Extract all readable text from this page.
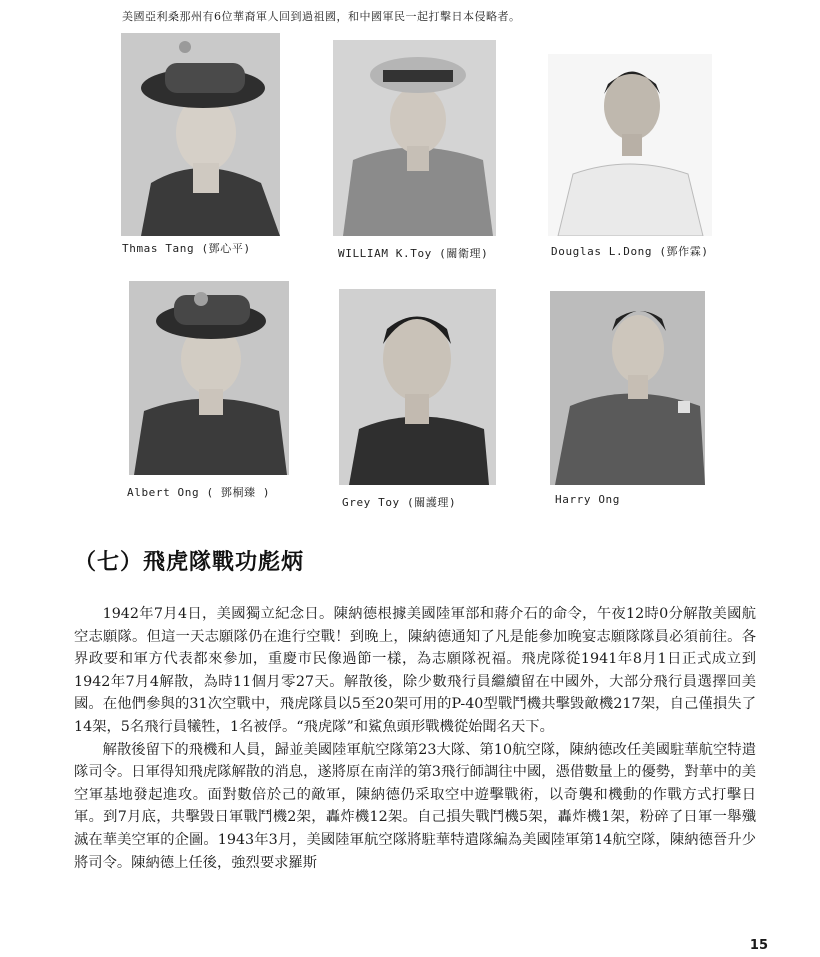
美國亞利桑那州有6位華裔軍人回到過祖國，和中國軍民一起打擊日本侵略者。
Thmas Tang (鄧心平)	WILLIAM K.Toy (關衛理)	Douglas L.Dong (鄧作霖)
Albert Ong ( 鄧桐臻 )
Grey Toy (關護理)	Harry Ong
（七）飛虎隊戰功彪炳

1942年7月4日，美國獨立紀念日。陳納德根據美國陸軍部和蔣介石的命令，午夜12時0分解散美國航空志願隊。但這一天志願隊仍在進行空戰！到晚上，陳納德通知了凡是能參加晚宴志願隊隊員必須前往。各界政要和軍方代表都來參加，重慶市民像過節一樣，為志願隊祝福。飛虎隊從1941年8月1日正式成立到1942年7月4解散，為時11個月零27天。解散後，除少數飛行員繼續留在中國外，大部分飛行員選擇回美國。在他們參與的31次空戰中，飛虎隊員以5至20架可用的P-40型戰鬥機共擊毀敵機217架，自己僅損失了14架，5名飛行員犧牲，1名被俘。“飛虎隊”和鯊魚頭形戰機從始聞名天下。

解散後留下的飛機和人員，歸並美國陸軍航空隊第23大隊、第10航空隊，陳納德改任美國駐華航空特遣隊司令。日軍得知飛虎隊解散的消息，遂將原在南洋的第3飛行師調往中國，憑借數量上的優勢，對華中的美空軍基地發起進攻。面對數倍於己的敵軍，陳納德仍采取空中遊擊戰術，以奇襲和機動的作戰方式打擊日軍。到7月底，共擊毀日軍戰鬥機2架，轟炸機12架。自己損失戰鬥機5架，轟炸機1架，粉碎了日軍一舉殲滅在華美空軍的企圖。1943年3月，美國陸軍航空隊將駐華特遣隊編為美國陸軍第14航空隊，陳納德晉升少將司令。陳納德上任後，強烈要求羅斯

15
